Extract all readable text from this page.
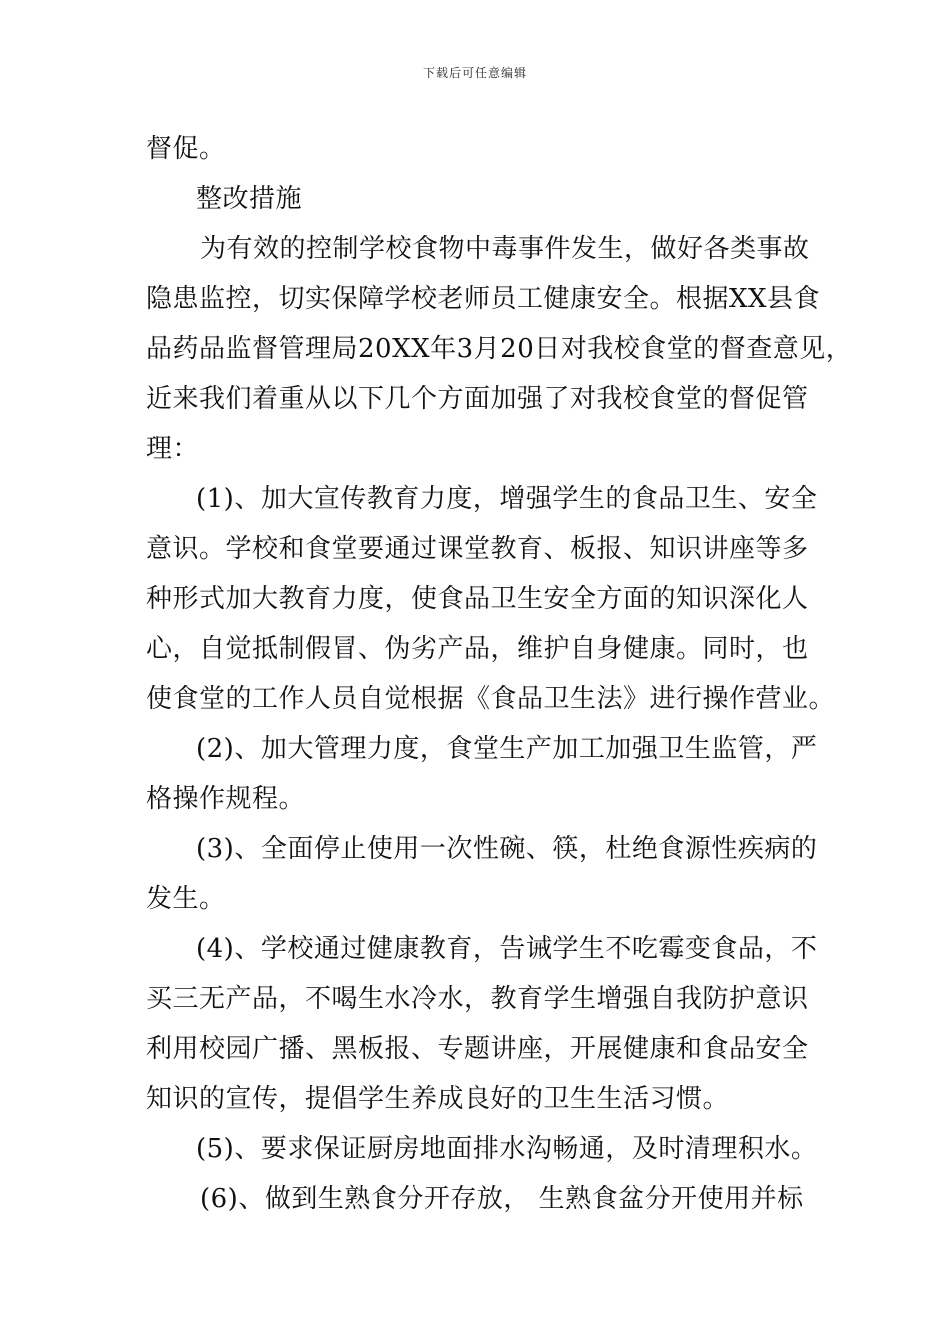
下载后可任意编辑
督促。
整改措施
为有效的控制学校食物中毒事件发生，做好各类事故
隐患监控，切实保障学校老师员工健康安全。根据XX县食
品药品监督管理局20XX年3月20日对我校食堂的督查意见，
近来我们着重从以下几个方面加强了对我校食堂的督促管
理：
(1)、加大宣传教育力度，增强学生的食品卫生、安全
意识。学校和食堂要通过课堂教育、板报、知识讲座等多
种形式加大教育力度，使食品卫生安全方面的知识深化人
心，自觉抵制假冒、伪劣产品，维护自身健康。同时，也
使食堂的工作人员自觉根据《食品卫生法》进行操作营业。
(2)、加大管理力度，食堂生产加工加强卫生监管，严
格操作规程。
(3)、全面停止使用一次性碗、筷，杜绝食源性疾病的
发生。
(4)、学校通过健康教育，告诫学生不吃霉变食品，不
买三无产品，不喝生水冷水，教育学生增强自我防护意识
利用校园广播、黑板报、专题讲座，开展健康和食品安全
知识的宣传，提倡学生养成良好的卫生生活习惯。
(5)、要求保证厨房地面排水沟畅通，及时清理积水。
(6)、做到生熟食分开存放， 生熟食盆分开使用并标
